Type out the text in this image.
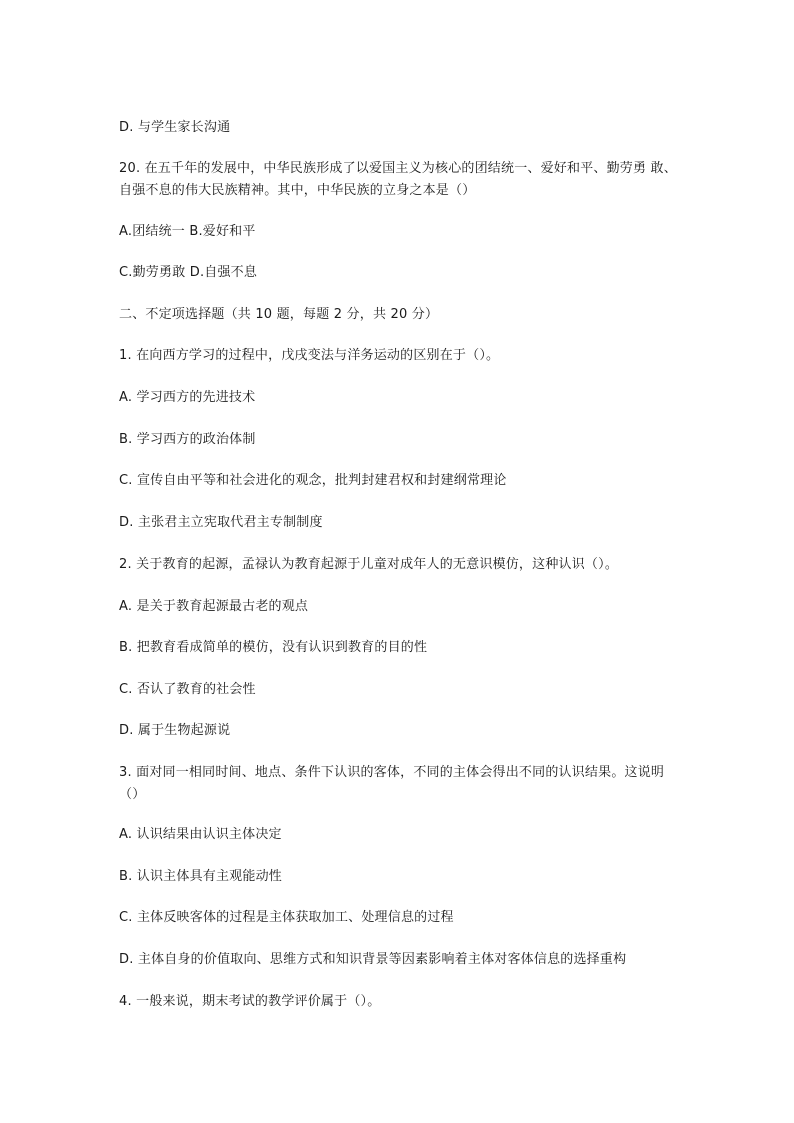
D. 与学生家长沟通
20. 在五千年的发展中，中华民族形成了以爱国主义为核心的团结统一、爱好和平、勤劳勇 敢、自强不息的伟大民族精神。其中，中华民族的立身之本是（）
A.团结统一 B.爱好和平
C.勤劳勇敢 D.自强不息
二、不定项选择题（共 10 题，每题 2 分，共 20 分）
1. 在向西方学习的过程中，戊戌变法与洋务运动的区别在于（）。
A. 学习西方的先进技术
B. 学习西方的政治体制
C. 宣传自由平等和社会进化的观念，批判封建君权和封建纲常理论
D. 主张君主立宪取代君主专制制度
2. 关于教育的起源，孟禄认为教育起源于儿童对成年人的无意识模仿，这种认识（）。
A. 是关于教育起源最古老的观点
B. 把教育看成简单的模仿，没有认识到教育的目的性
C. 否认了教育的社会性
D. 属于生物起源说
3. 面对同一相同时间、地点、条件下认识的客体，不同的主体会得出不同的认识结果。这说明（）
A. 认识结果由认识主体决定
B. 认识主体具有主观能动性
C. 主体反映客体的过程是主体获取加工、处理信息的过程
D. 主体自身的价值取向、思维方式和知识背景等因素影响着主体对客体信息的选择重构
4. 一般来说，期末考试的教学评价属于（）。
